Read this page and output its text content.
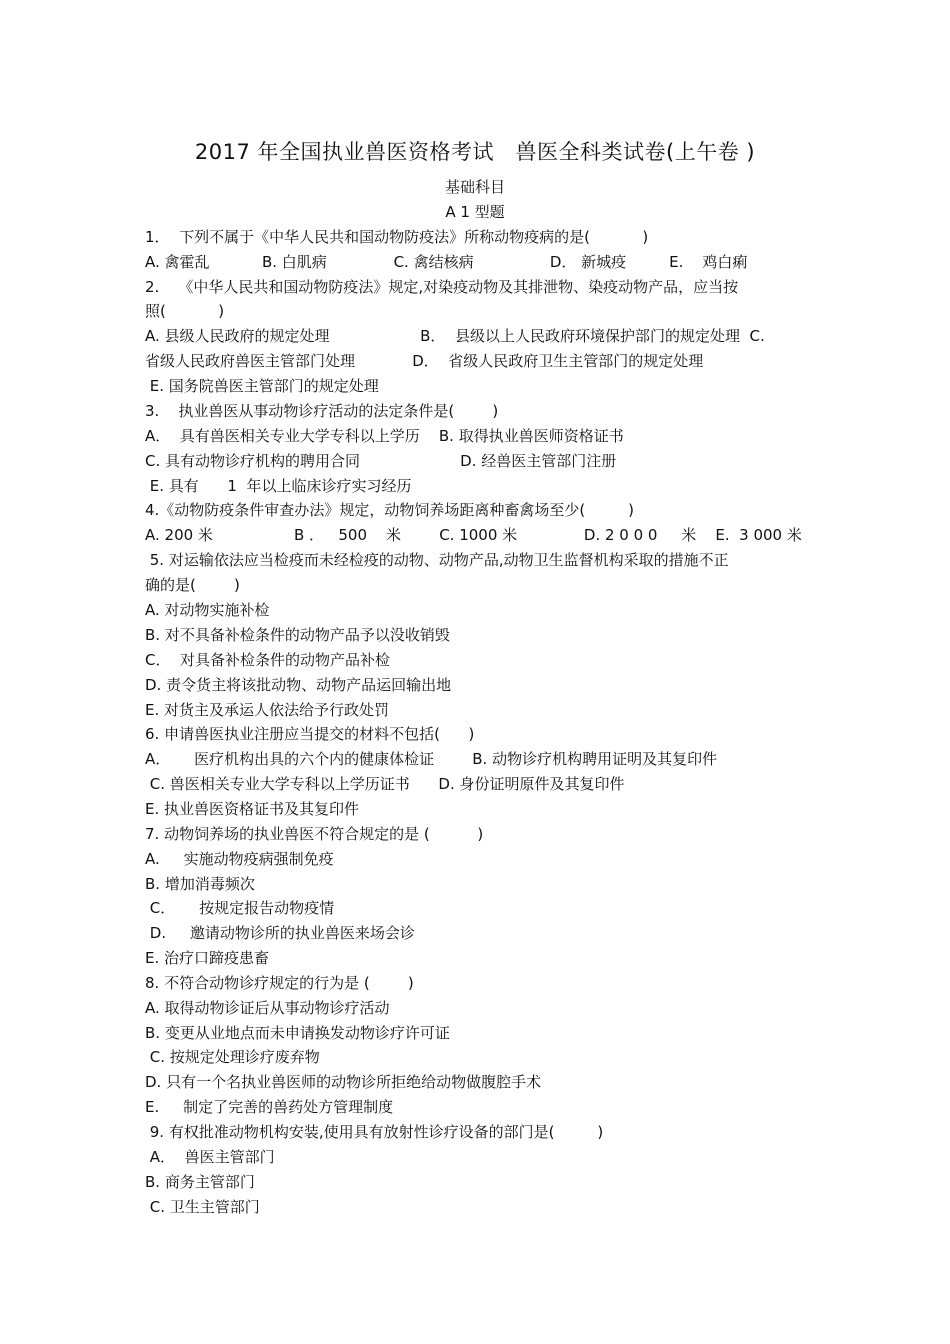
2017 年全国执业兽医资格考试　兽医全科类试卷(上午卷 )
基础科目
A 1 型题
1．  下列不属于《中华人民共和国动物防疫法》所称动物疫病的是(           )
A. 禽霍乱           B. 白肌病              C. 禽结核病                D． 新城疫         E.    鸡白痢
2.    《中华人民共和国动物防疫法》规定,对染疫动物及其排泄物、染疫动物产品，应当按
照(           )
A. 县级人民政府的规定处理                   B．  县级以上人民政府环境保护部门的规定处理  C.
省级人民政府兽医主管部门处理            D．  省级人民政府卫生主管部门的规定处理
E. 国务院兽医主管部门的规定处理
3.    执业兽医从事动物诊疗活动的法定条件是(        )
A．  具有兽医相关专业大学专科以上学历    B. 取得执业兽医师资格证书
C. 具有动物诊疗机构的聘用合同                     D. 经兽医主管部门注册
E. 具有      1  年以上临床诊疗实习经历
4.《动物防疫条件审查办法》规定，动物饲养场距离种畜禽场至少(         )
A. 200 米                 B ．   500    米        C. 1000 米              D. 2 0 0 0     米    E.  3 000 米
5. 对运输依法应当检疫而未经检疫的动物、动物产品,动物卫生监督机构采取的措施不正
确的是(        )
A. 对动物实施补检
B. 对不具备补检条件的动物产品予以没收销毁
C．  对具备补检条件的动物产品补检
D. 责令货主将该批动物、动物产品运回输出地
E. 对货主及承运人依法给予行政处罚
6. 申请兽医执业注册应当提交的材料不包括(      )
A．     医疗机构出具的六个内的健康体检证        B. 动物诊疗机构聘用证明及其复印件
C. 兽医相关专业大学专科以上学历证书      D. 身份证明原件及其复印件
E. 执业兽医资格证书及其复印件
7. 动物饲养场的执业兽医不符合规定的是 (          )
A.     实施动物疫病强制免疫
B. 增加消毒频次
C．     按规定报告动物疫情
D.     邀请动物诊所的执业兽医来场会诊
E. 治疗口蹄疫患畜
8. 不符合动物诊疗规定的行为是 (        )
A. 取得动物诊证后从事动物诊疗活动
B. 变更从业地点而未申请换发动物诊疗许可证
C. 按规定处理诊疗废弃物
D. 只有一个名执业兽医师的动物诊所拒绝给动物做腹腔手术
E.     制定了完善的兽药处方管理制度
9. 有权批准动物机构安装,使用具有放射性诊疗设备的部门是(         )
A．  兽医主管部门
B. 商务主管部门
C. 卫生主管部门
